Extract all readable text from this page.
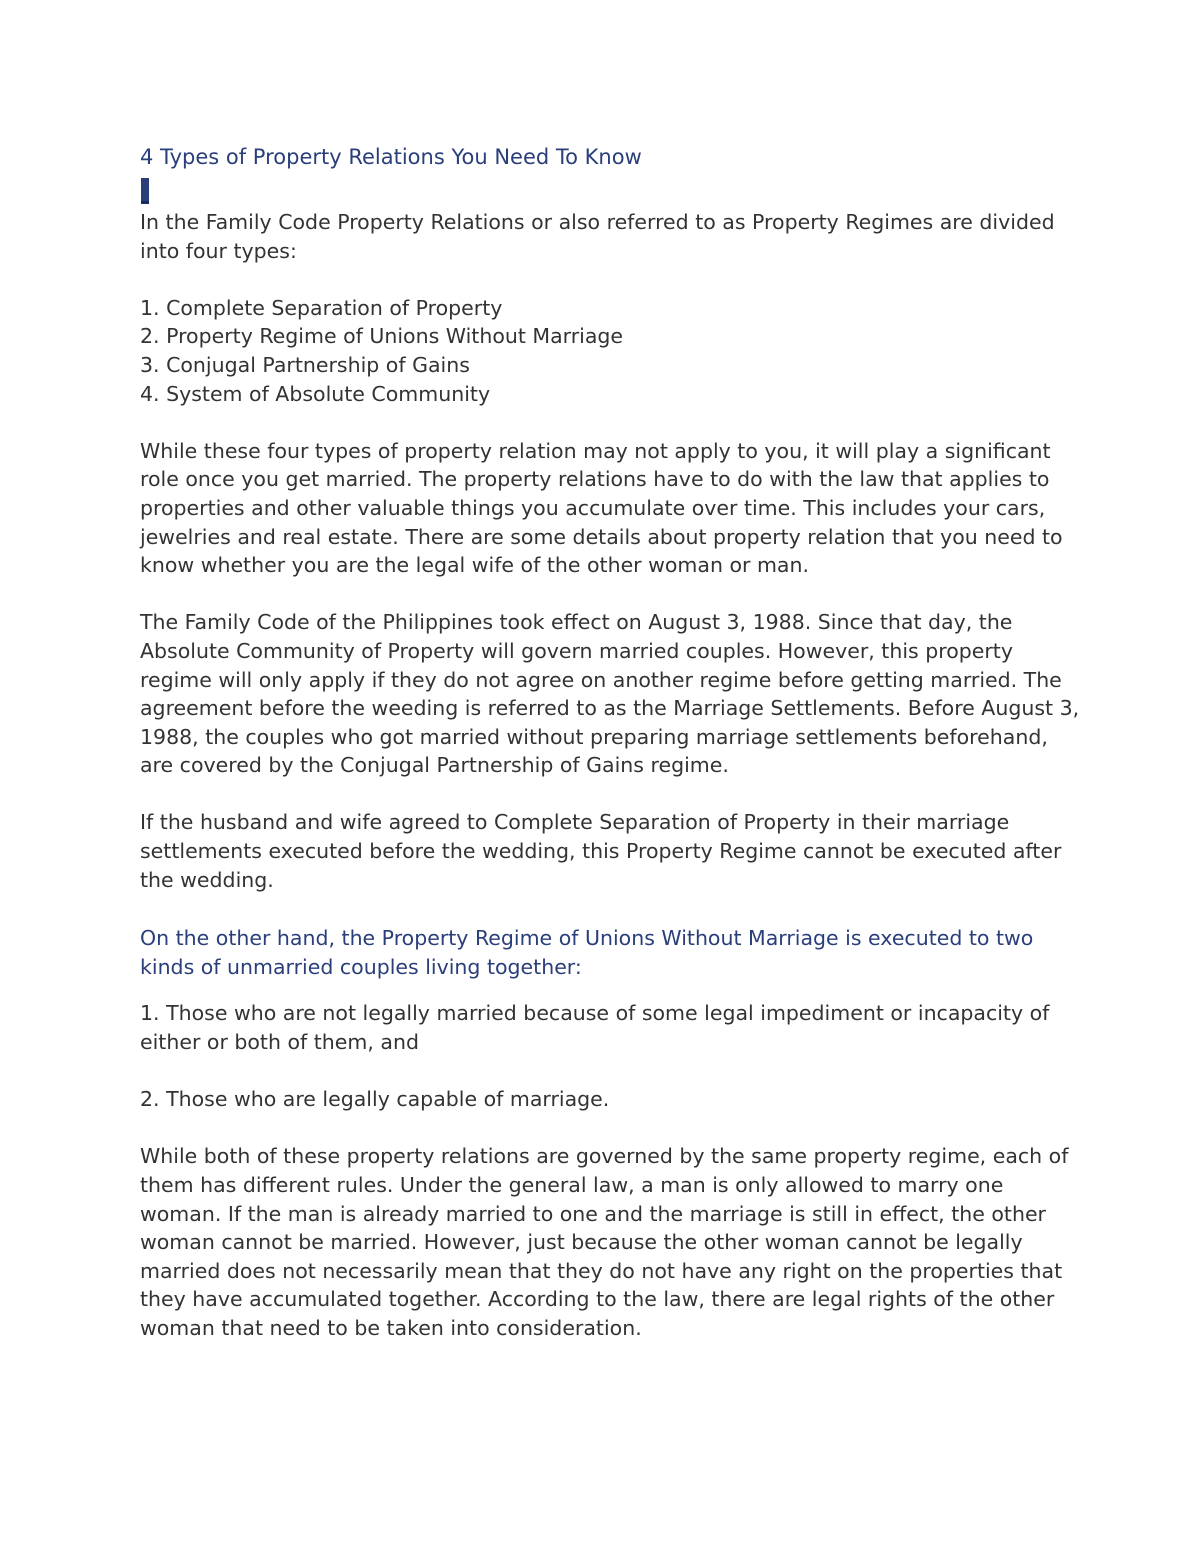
4 Types of Property Relations You Need To Know

In the Family Code Property Relations or also referred to as Property Regimes are divided into four types:

1. Complete Separation of Property
2. Property Regime of Unions Without Marriage
3. Conjugal Partnership of Gains
4. System of Absolute Community

While these four types of property relation may not apply to you, it will play a significant role once you get married. The property relations have to do with the law that applies to properties and other valuable things you accumulate over time. This includes your cars, jewelries and real estate. There are some details about property relation that you need to know whether you are the legal wife of the other woman or man.

The Family Code of the Philippines took effect on August 3, 1988. Since that day, the Absolute Community of Property will govern married couples. However, this property regime will only apply if they do not agree on another regime before getting married. The agreement before the weeding is referred to as the Marriage Settlements. Before August 3, 1988, the couples who got married without preparing marriage settlements beforehand, are covered by the Conjugal Partnership of Gains regime.

If the husband and wife agreed to Complete Separation of Property in their marriage settlements executed before the wedding, this Property Regime cannot be executed after the wedding.

On the other hand, the Property Regime of Unions Without Marriage is executed to two kinds of unmarried couples living together:

1. Those who are not legally married because of some legal impediment or incapacity of either or both of them, and

2. Those who are legally capable of marriage.

While both of these property relations are governed by the same property regime, each of them has different rules. Under the general law, a man is only allowed to marry one woman. If the man is already married to one and the marriage is still in effect, the other woman cannot be married. However, just because the other woman cannot be legally married does not necessarily mean that they do not have any right on the properties that they have accumulated together. According to the law, there are legal rights of the other woman that need to be taken into consideration.
